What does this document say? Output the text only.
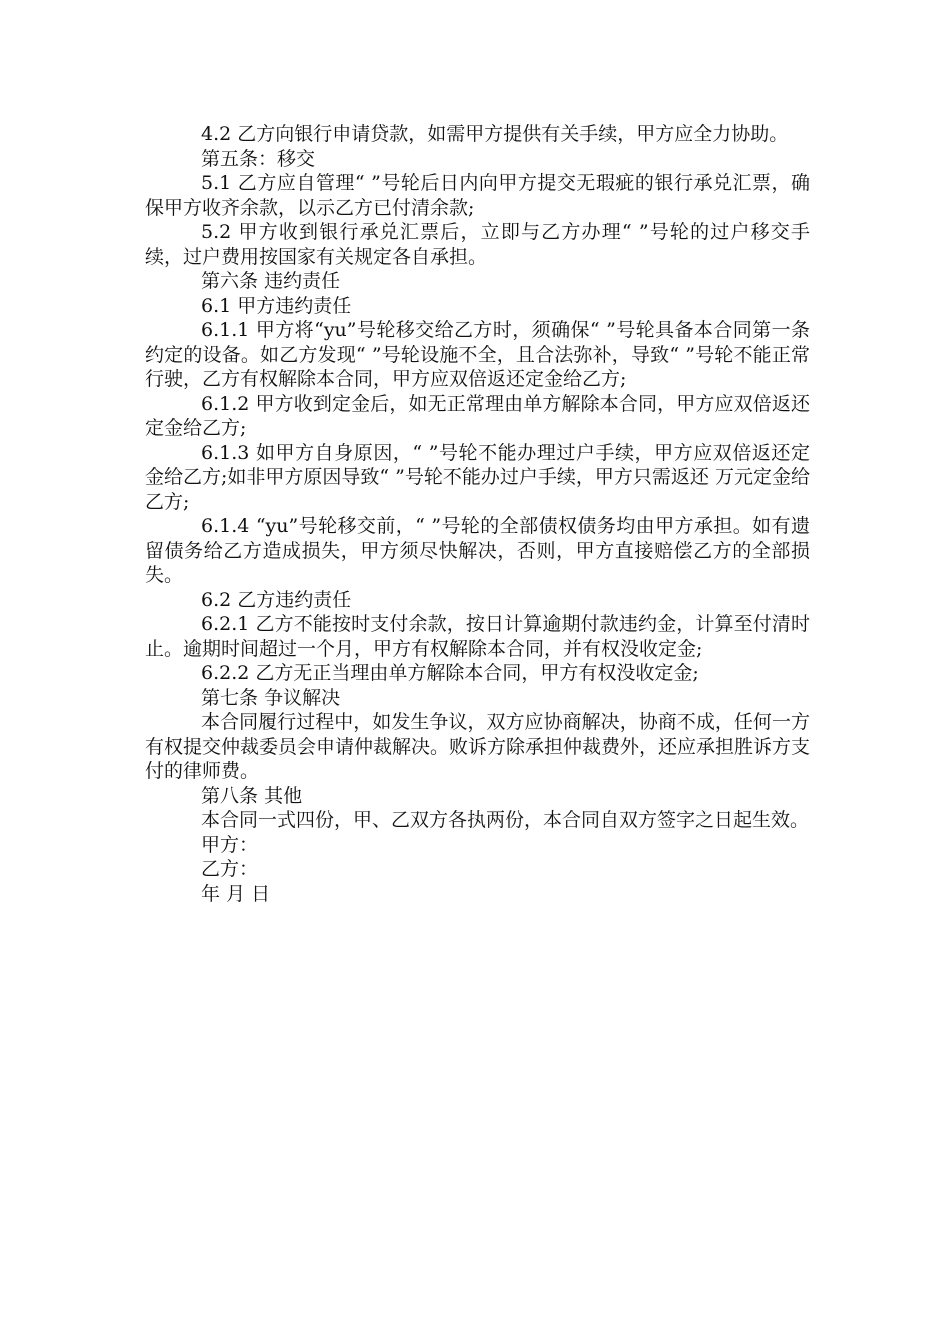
4.2 乙方向银行申请贷款，如需甲方提供有关手续，甲方应全力协助。

第五条：移交

5.1 乙方应自管理“ ”号轮后日内向甲方提交无瑕疵的银行承兑汇票，确保甲方收齐余款，以示乙方已付清余款;

5.2 甲方收到银行承兑汇票后，立即与乙方办理“ ”号轮的过户移交手续，过户费用按国家有关规定各自承担。

第六条 违约责任

6.1 甲方违约责任

6.1.1 甲方将“yu”号轮移交给乙方时，须确保“ ”号轮具备本合同第一条约定的设备。如乙方发现“ ”号轮设施不全，且合法弥补，导致“ ”号轮不能正常行驶，乙方有权解除本合同，甲方应双倍返还定金给乙方;

6.1.2 甲方收到定金后，如无正常理由单方解除本合同，甲方应双倍返还定金给乙方;

6.1.3 如甲方自身原因，“ ”号轮不能办理过户手续，甲方应双倍返还定金给乙方;如非甲方原因导致“ ”号轮不能办过户手续，甲方只需返还 万元定金给乙方;

6.1.4 “yu”号轮移交前，“ ”号轮的全部债权债务均由甲方承担。如有遗留债务给乙方造成损失，甲方须尽快解决，否则，甲方直接赔偿乙方的全部损失。

6.2 乙方违约责任

6.2.1 乙方不能按时支付余款，按日计算逾期付款违约金，计算至付清时止。逾期时间超过一个月，甲方有权解除本合同，并有权没收定金;

6.2.2 乙方无正当理由单方解除本合同，甲方有权没收定金;

第七条 争议解决

本合同履行过程中，如发生争议，双方应协商解决，协商不成，任何一方有权提交仲裁委员会申请仲裁解决。败诉方除承担仲裁费外，还应承担胜诉方支付的律师费。

第八条 其他

本合同一式四份，甲、乙双方各执两份，本合同自双方签字之日起生效。

甲方：

乙方：

年 月 日
